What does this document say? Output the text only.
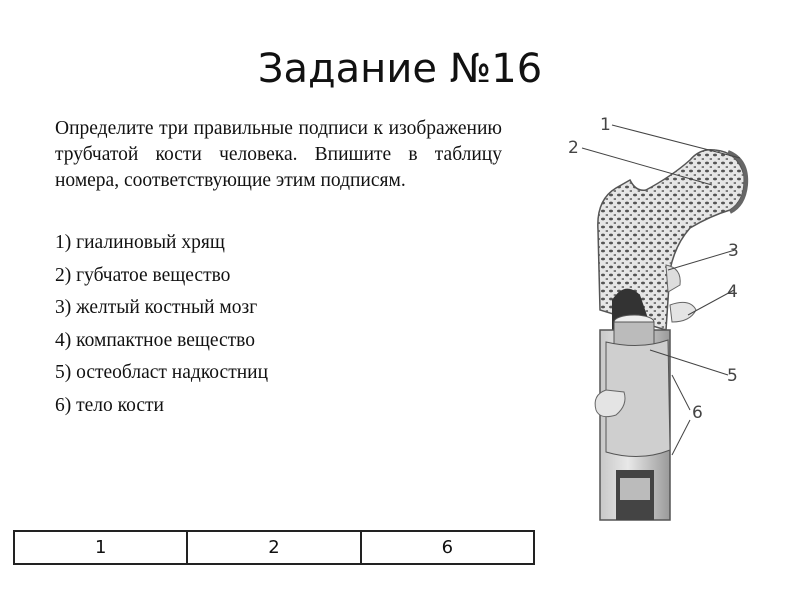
Задание №16
Определите три правильные подписи к изображению трубчатой кости человека. Впишите в таблицу номера, соответствующие этим подписям.
1) гиалиновый хрящ
2) губчатое вещество
3) желтый костный мозг
4) компактное вещество
5) остеобласт надкостниц
6) тело кости
1	2	6
1
2
3
4
5
6
